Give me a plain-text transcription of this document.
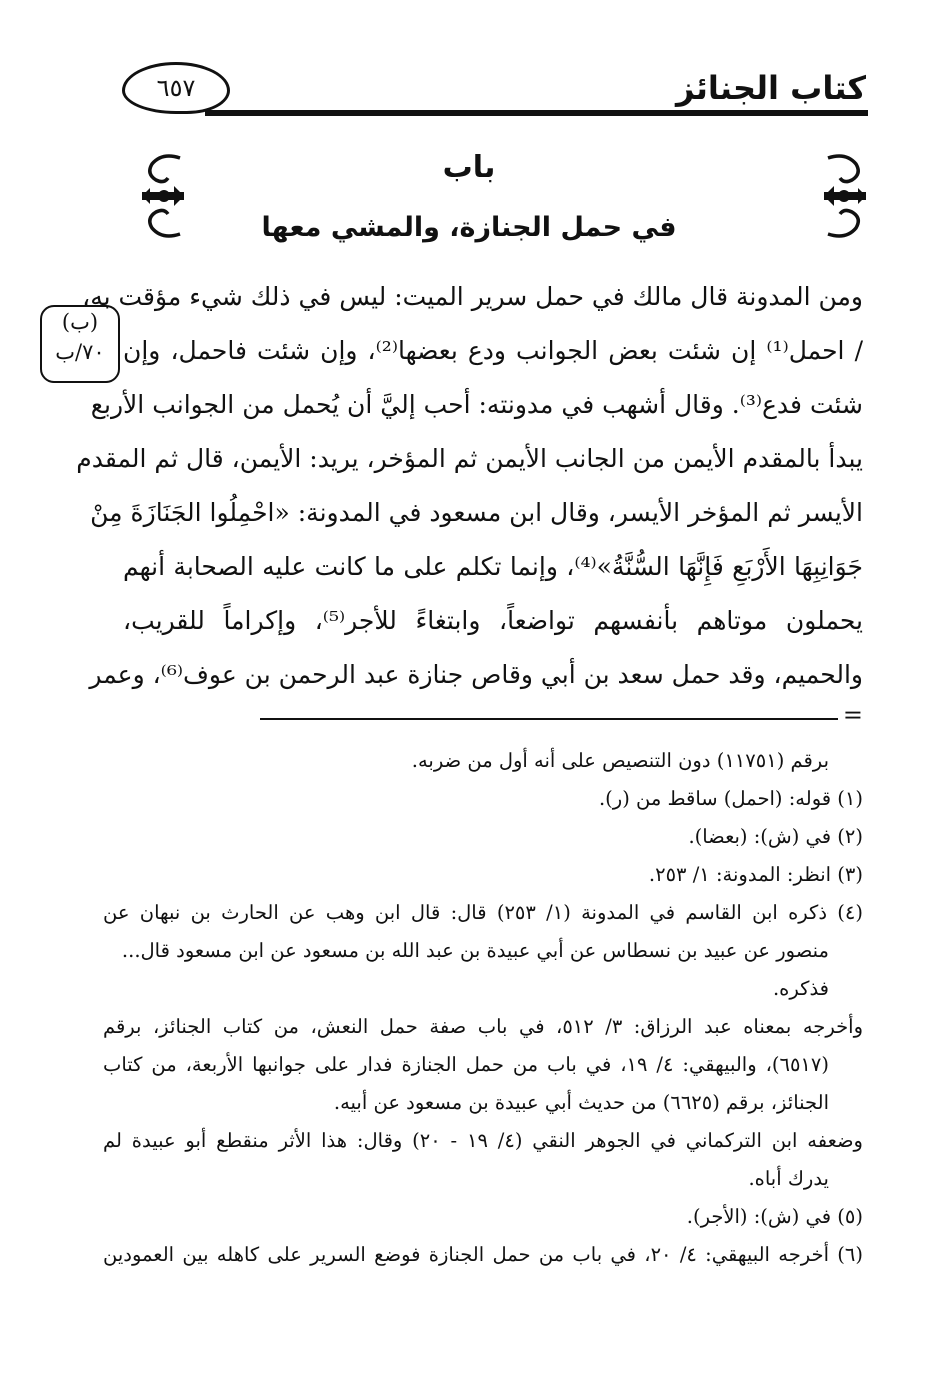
كتاب الجنائز
٦٥٧
باب
في حمل الجنازة، والمشي معها
(ب)
٧٠/ب
ومن المدونة قال مالك في حمل سرير الميت: ليس في ذلك شيء مؤقت به،
/ احمل⁽¹⁾ إن شئت بعض الجوانب ودع بعضها⁽²⁾، وإن شئت فاحمل، وإن
شئت فدع⁽³⁾. وقال أشهب في مدونته: أحب إليَّ أن يُحمل من الجوانب الأربع
يبدأ بالمقدم الأيمن من الجانب الأيمن ثم المؤخر، يريد: الأيمن، قال ثم المقدم
الأيسر ثم المؤخر الأيسر، وقال ابن مسعود في المدونة: «احْمِلُوا الجَنَازَةَ مِنْ
جَوَانِبِهَا الأَرْبَعِ فَإِنَّهَا السُّنَّةُ»⁽⁴⁾، وإنما تكلم على ما كانت عليه الصحابة أنهم
يحملون موتاهم بأنفسهم تواضعاً، وابتغاءً للأجر⁽⁵⁾، وإكراماً للقريب،
والحميم، وقد حمل سعد بن أبي وقاص جنازة عبد الرحمن بن عوف⁽⁶⁾، وعمر
=
برقم (١١٧٥١) دون التنصيص على أنه أول من ضربه.
(١) قوله: (احمل) ساقط من (ر).
(٢) في (ش): (بعضا).
(٣) انظر: المدونة: ١/ ٢٥٣.
(٤) ذكره ابن القاسم في المدونة (١/ ٢٥٣) قال: قال ابن وهب عن الحارث بن نبهان عن
منصور عن عبيد بن نسطاس عن أبي عبيدة بن عبد الله بن مسعود عن ابن مسعود قال...
فذكره.
وأخرجه بمعناه عبد الرزاق: ٣/ ٥١٢، في باب صفة حمل النعش، من كتاب الجنائز، برقم
(٦٥١٧)، والبيهقي: ٤/ ١٩، في باب من حمل الجنازة فدار على جوانبها الأربعة، من كتاب
الجنائز، برقم (٦٦٢٥) من حديث أبي عبيدة بن مسعود عن أبيه.
وضعفه ابن التركماني في الجوهر النقي (٤/ ١٩ - ٢٠) وقال: هذا الأثر منقطع أبو عبيدة لم
يدرك أباه.
(٥) في (ش): (الأجر).
(٦) أخرجه البيهقي: ٤/ ٢٠، في باب من حمل الجنازة فوضع السرير على كاهله بين العمودين
